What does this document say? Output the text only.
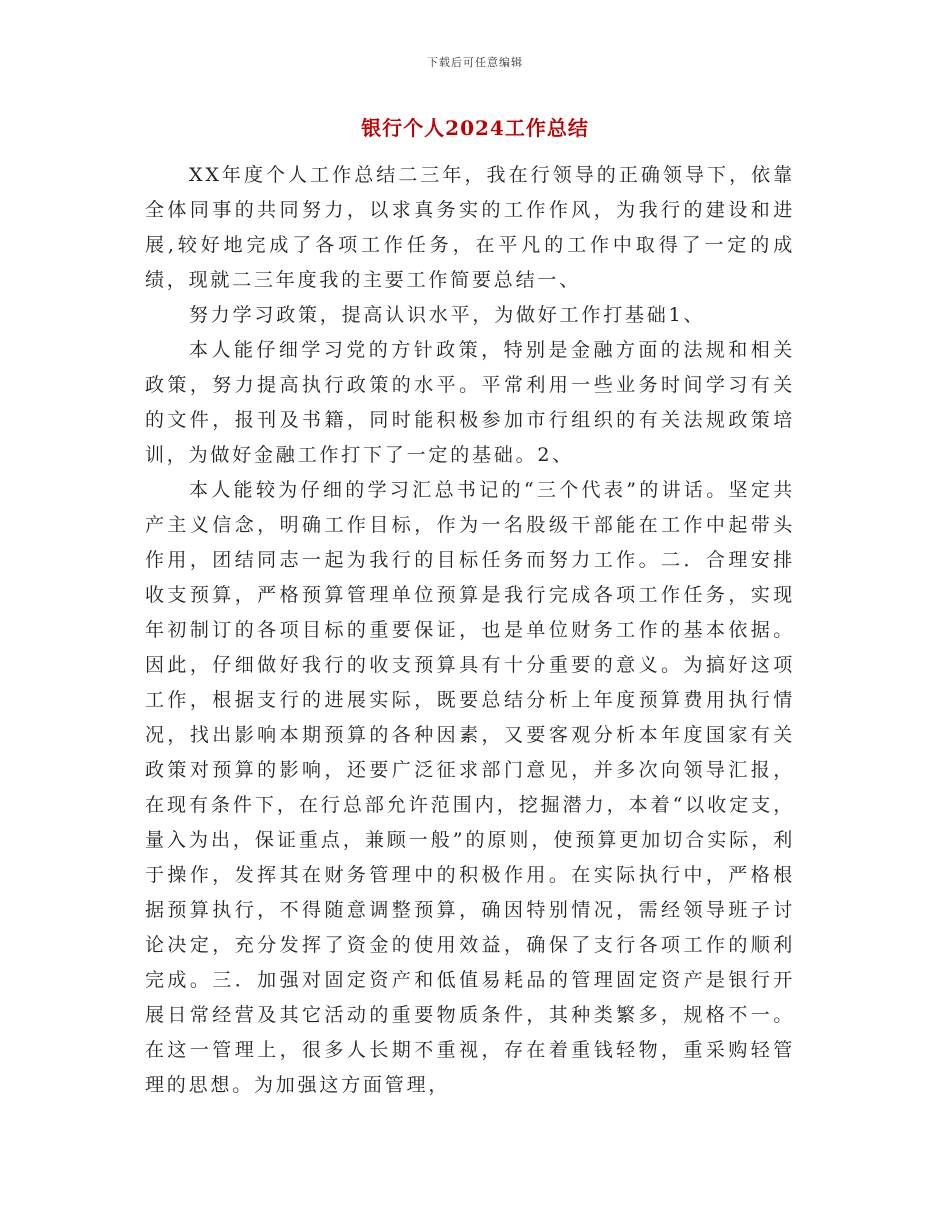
下载后可任意编辑
银行个人2024工作总结

XX年度个人工作总结二三年，我在行领导的正确领导下，依靠全体同事的共同努力，以求真务实的工作作风，为我行的建设和进展,较好地完成了各项工作任务，在平凡的工作中取得了一定的成绩，现就二三年度我的主要工作简要总结一、

努力学习政策，提高认识水平，为做好工作打基础1、

本人能仔细学习党的方针政策，特别是金融方面的法规和相关政策，努力提高执行政策的水平。平常利用一些业务时间学习有关的文件，报刊及书籍，同时能积极参加市行组织的有关法规政策培训，为做好金融工作打下了一定的基础。2、

本人能较为仔细的学习汇总书记的“三个代表”的讲话。坚定共产主义信念，明确工作目标，作为一名股级干部能在工作中起带头作用，团结同志一起为我行的目标任务而努力工作。二．合理安排收支预算，严格预算管理单位预算是我行完成各项工作任务，实现年初制订的各项目标的重要保证，也是单位财务工作的基本依据。因此，仔细做好我行的收支预算具有十分重要的意义。为搞好这项工作，根据支行的进展实际，既要总结分析上年度预算费用执行情况，找出影响本期预算的各种因素，又要客观分析本年度国家有关政策对预算的影响，还要广泛征求部门意见，并多次向领导汇报，在现有条件下，在行总部允许范围内，挖掘潜力，本着“以收定支，量入为出，保证重点，兼顾一般”的原则，使预算更加切合实际，利于操作，发挥其在财务管理中的积极作用。在实际执行中，严格根据预算执行，不得随意调整预算，确因特别情况，需经领导班子讨论决定，充分发挥了资金的使用效益，确保了支行各项工作的顺利完成。三．加强对固定资产和低值易耗品的管理固定资产是银行开展日常经营及其它活动的重要物质条件，其种类繁多，规格不一。在这一管理上，很多人长期不重视，存在着重钱轻物，重采购轻管理的思想。为加强这方面管理，
